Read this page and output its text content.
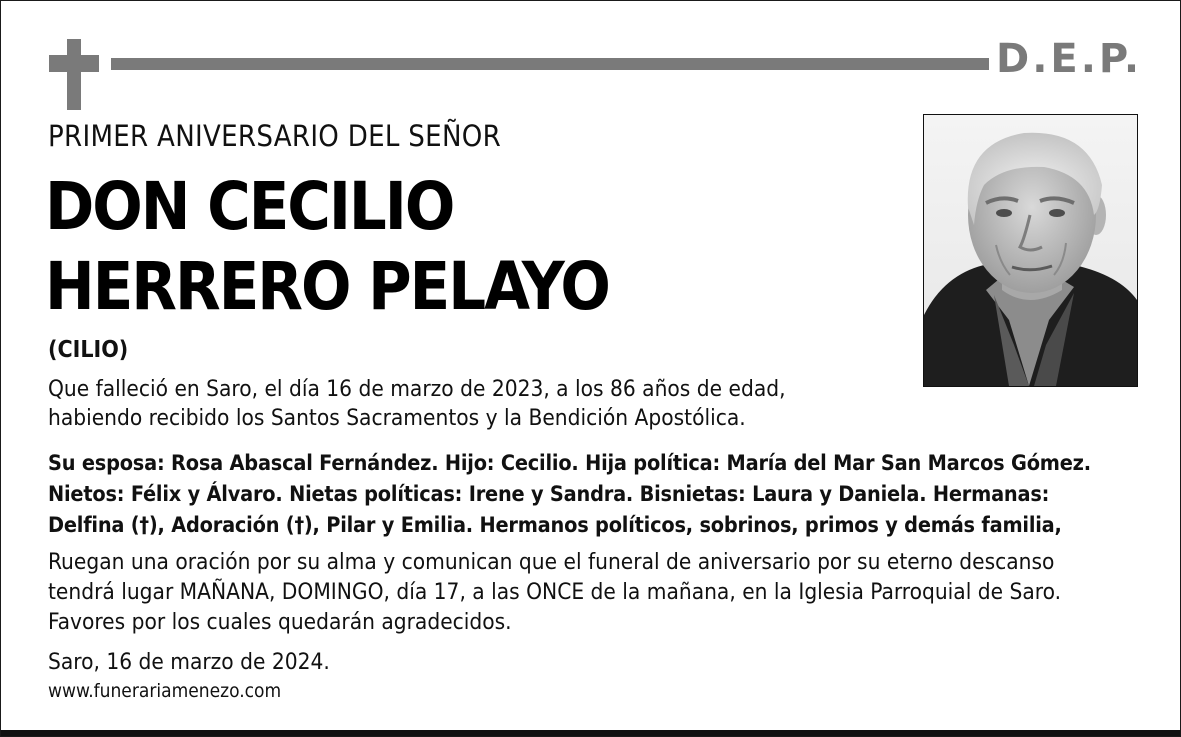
D.E.P.
PRIMER ANIVERSARIO DEL SEÑOR
DON CECILIO
HERRERO PELAYO
(CILIO)
Que falleció en Saro, el día 16 de marzo de 2023, a los 86 años de edad,
habiendo recibido los Santos Sacramentos y la Bendición Apostólica.
Su esposa: Rosa Abascal Fernández. Hijo: Cecilio. Hija política: María del Mar San Marcos Gómez.
Nietos: Félix y Álvaro. Nietas políticas: Irene y Sandra. Bisnietas: Laura y Daniela. Hermanas:
Delfina (†), Adoración (†), Pilar y Emilia. Hermanos políticos, sobrinos, primos y demás familia,
Ruegan una oración por su alma y comunican que el funeral de aniversario por su eterno descanso
tendrá lugar MAÑANA, DOMINGO, día 17, a las ONCE de la mañana, en la Iglesia Parroquial de Saro.
Favores por los cuales quedarán agradecidos.
Saro, 16 de marzo de 2024.
www.funerariamenezo.com
